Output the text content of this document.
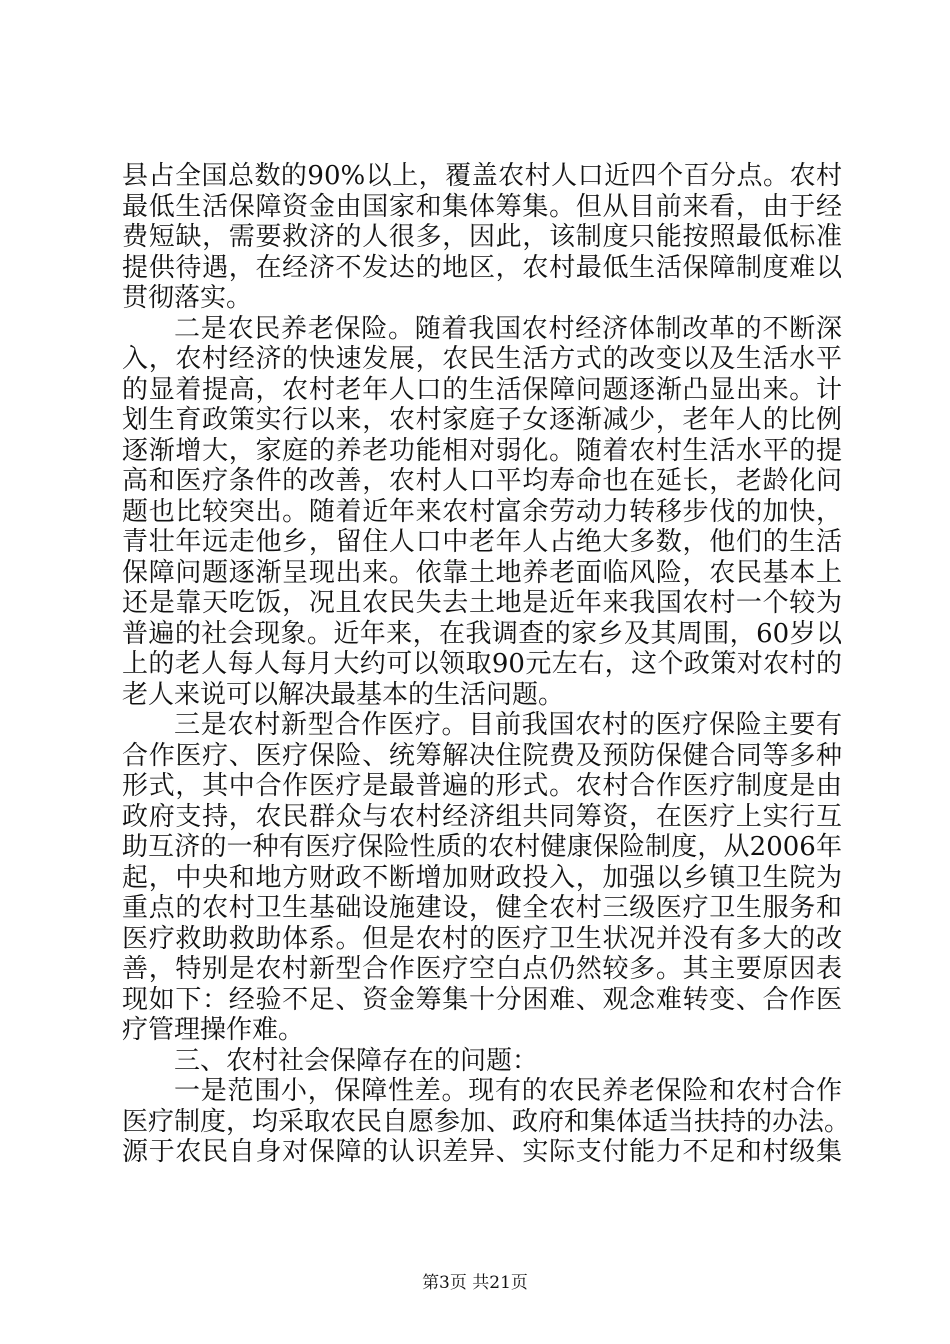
县占全国总数的90%以上，覆盖农村人口近四个百分点。农村
最低生活保障资金由国家和集体筹集。但从目前来看，由于经
费短缺，需要救济的人很多，因此，该制度只能按照最低标准
提供待遇，在经济不发达的地区，农村最低生活保障制度难以
贯彻落实。
二是农民养老保险。随着我国农村经济体制改革的不断深
入，农村经济的快速发展，农民生活方式的改变以及生活水平
的显着提高，农村老年人口的生活保障问题逐渐凸显出来。计
划生育政策实行以来，农村家庭子女逐渐减少，老年人的比例
逐渐增大，家庭的养老功能相对弱化。随着农村生活水平的提
高和医疗条件的改善，农村人口平均寿命也在延长，老龄化问
题也比较突出。随着近年来农村富余劳动力转移步伐的加快，
青壮年远走他乡，留住人口中老年人占绝大多数，他们的生活
保障问题逐渐呈现出来。依靠土地养老面临风险，农民基本上
还是靠天吃饭，况且农民失去土地是近年来我国农村一个较为
普遍的社会现象。近年来，在我调查的家乡及其周围，60岁以
上的老人每人每月大约可以领取90元左右，这个政策对农村的
老人来说可以解决最基本的生活问题。
三是农村新型合作医疗。目前我国农村的医疗保险主要有
合作医疗、医疗保险、统筹解决住院费及预防保健合同等多种
形式，其中合作医疗是最普遍的形式。农村合作医疗制度是由
政府支持，农民群众与农村经济组共同筹资，在医疗上实行互
助互济的一种有医疗保险性质的农村健康保险制度，从2006年
起，中央和地方财政不断增加财政投入，加强以乡镇卫生院为
重点的农村卫生基础设施建设，健全农村三级医疗卫生服务和
医疗救助救助体系。但是农村的医疗卫生状况并没有多大的改
善，特别是农村新型合作医疗空白点仍然较多。其主要原因表
现如下：经验不足、资金筹集十分困难、观念难转变、合作医
疗管理操作难。
三、农村社会保障存在的问题：
一是范围小，保障性差。现有的农民养老保险和农村合作
医疗制度，均采取农民自愿参加、政府和集体适当扶持的办法。
源于农民自身对保障的认识差异、实际支付能力不足和村级集
第3页 共21页
